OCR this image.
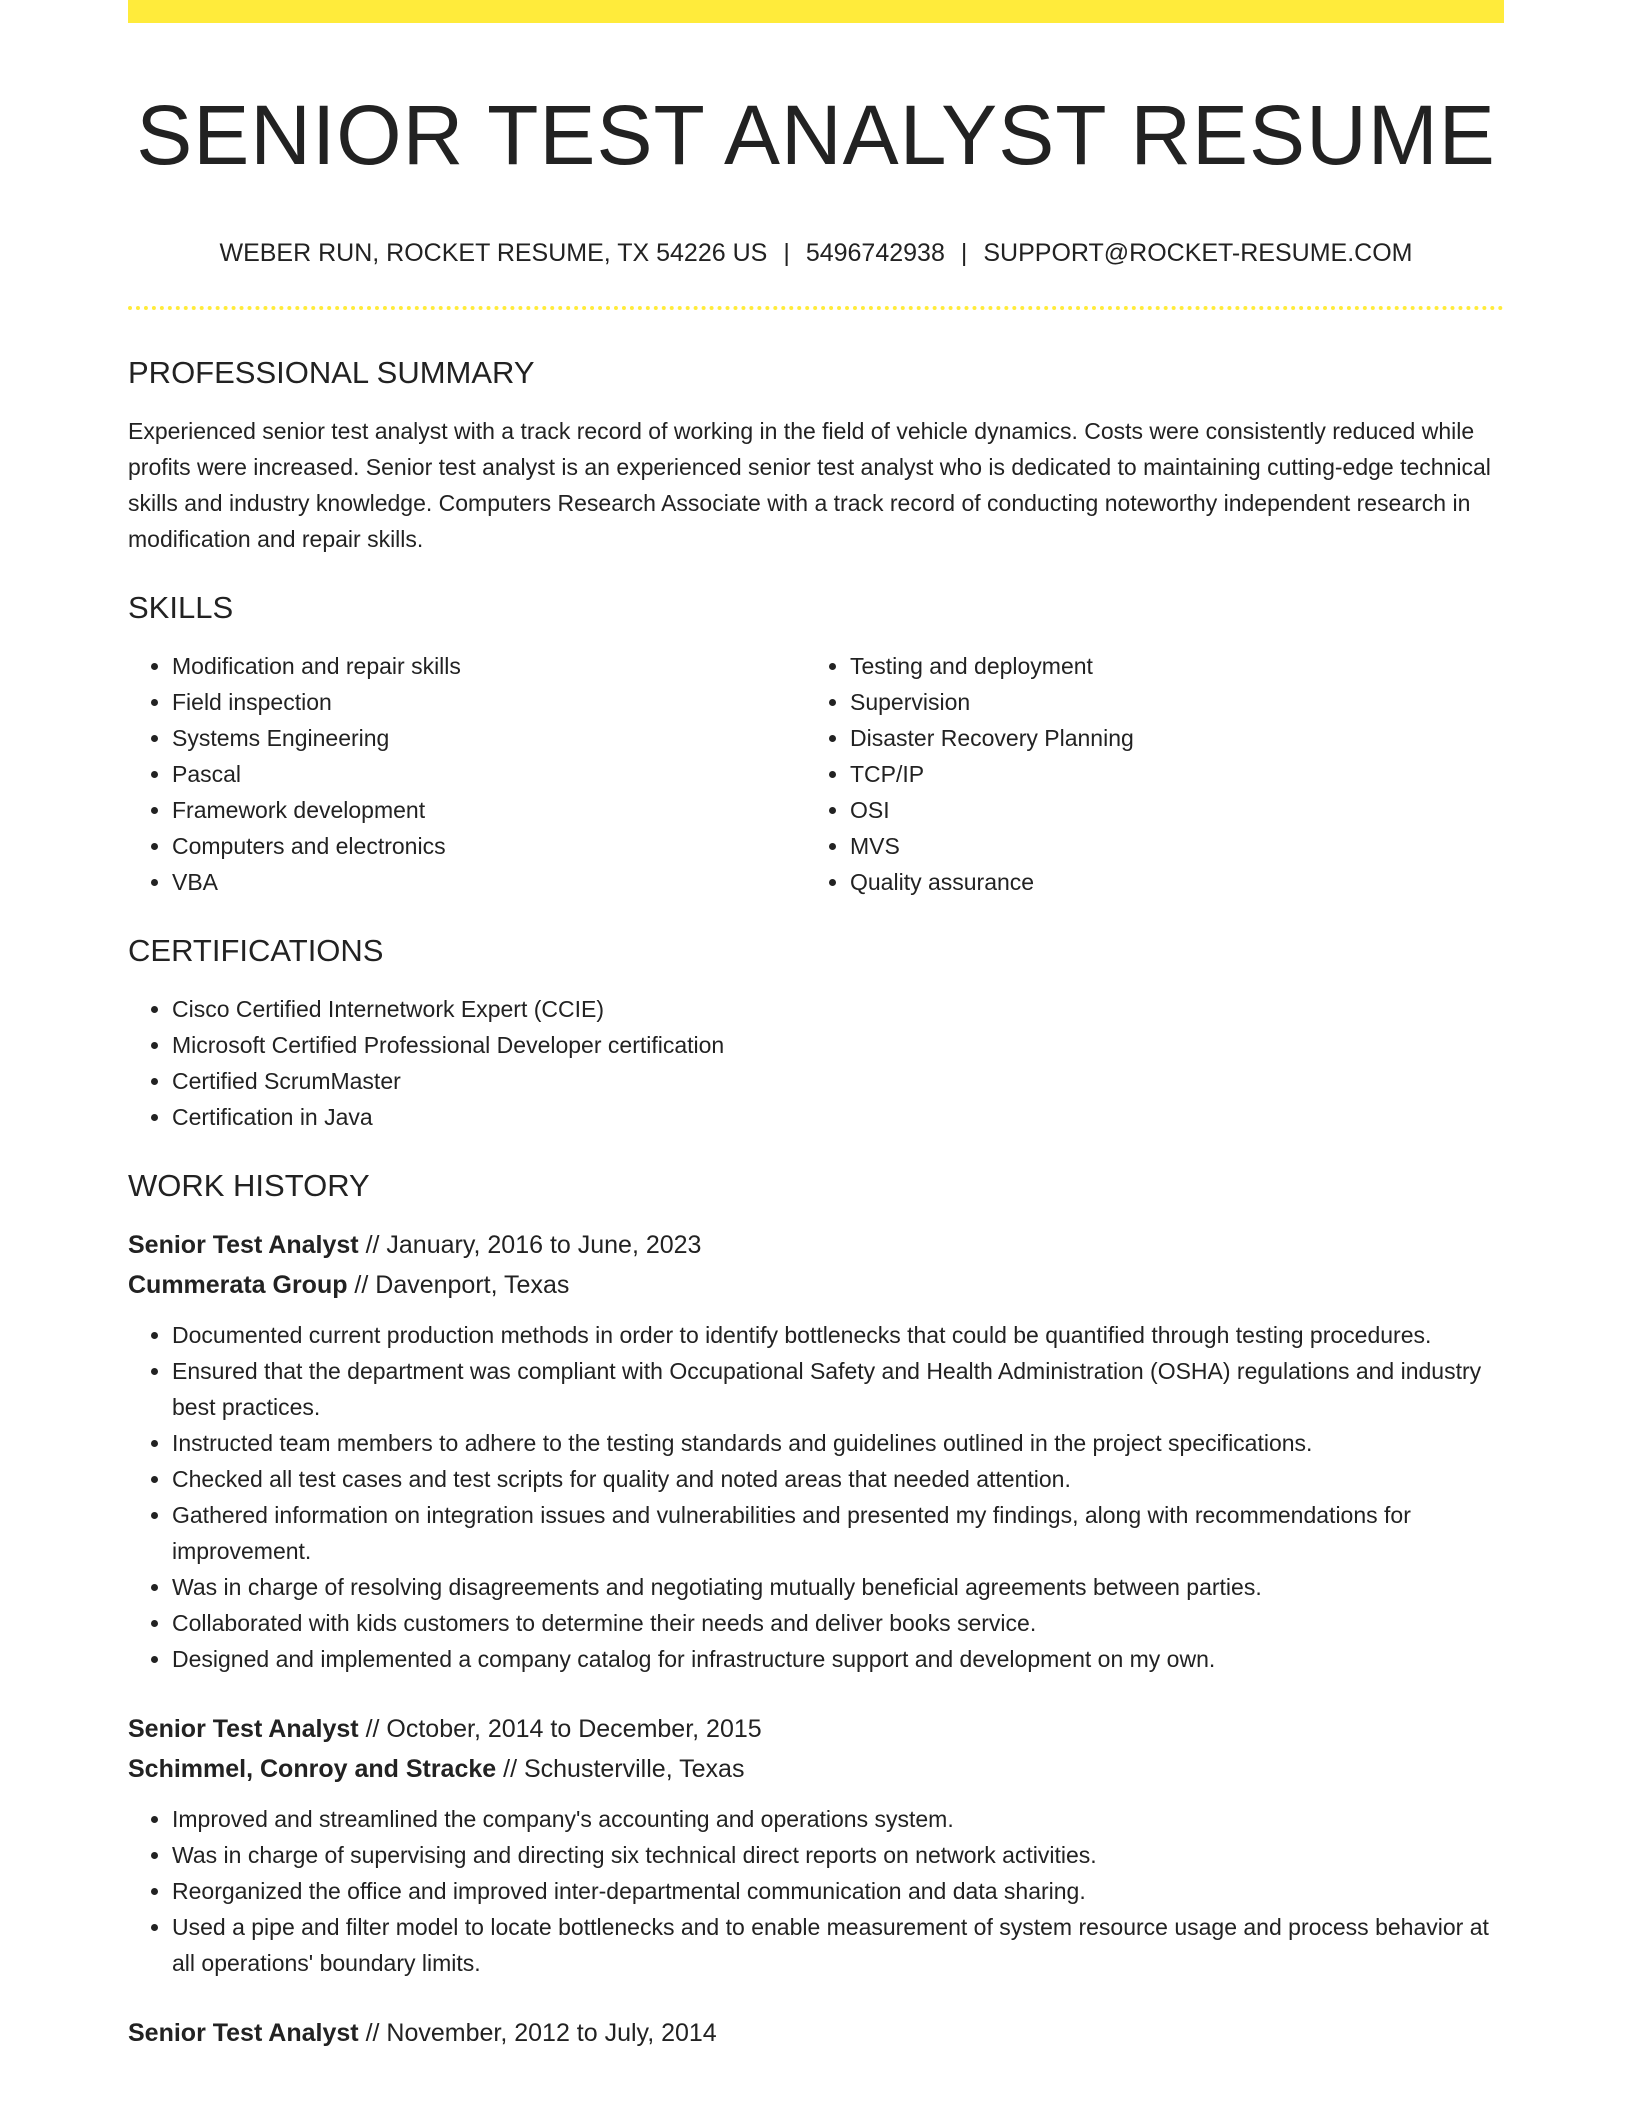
SENIOR TEST ANALYST RESUME
WEBER RUN, ROCKET RESUME, TX 54226 US | 5496742938 | SUPPORT@ROCKET-RESUME.COM
PROFESSIONAL SUMMARY

Experienced senior test analyst with a track record of working in the field of vehicle dynamics. Costs were consistently reduced while profits were increased. Senior test analyst is an experienced senior test analyst who is dedicated to maintaining cutting-edge technical skills and industry knowledge. Computers Research Associate with a track record of conducting noteworthy independent research in modification and repair skills.

SKILLS
• Modification and repair skills
• Field inspection
• Systems Engineering
• Pascal
• Framework development
• Computers and electronics
• VBA
• Testing and deployment
• Supervision
• Disaster Recovery Planning
• TCP/IP
• OSI
• MVS
• Quality assurance
CERTIFICATIONS
• Cisco Certified Internetwork Expert (CCIE)
• Microsoft Certified Professional Developer certification
• Certified ScrumMaster
• Certification in Java
WORK HISTORY
Senior Test Analyst // January, 2016 to June, 2023
Cummerata Group // Davenport, Texas
• Documented current production methods in order to identify bottlenecks that could be quantified through testing procedures.
• Ensured that the department was compliant with Occupational Safety and Health Administration (OSHA) regulations and industry best practices.
• Instructed team members to adhere to the testing standards and guidelines outlined in the project specifications.
• Checked all test cases and test scripts for quality and noted areas that needed attention.
• Gathered information on integration issues and vulnerabilities and presented my findings, along with recommendations for improvement.
• Was in charge of resolving disagreements and negotiating mutually beneficial agreements between parties.
• Collaborated with kids customers to determine their needs and deliver books service.
• Designed and implemented a company catalog for infrastructure support and development on my own.
Senior Test Analyst // October, 2014 to December, 2015
Schimmel, Conroy and Stracke // Schusterville, Texas
• Improved and streamlined the company's accounting and operations system.
• Was in charge of supervising and directing six technical direct reports on network activities.
• Reorganized the office and improved inter-departmental communication and data sharing.
• Used a pipe and filter model to locate bottlenecks and to enable measurement of system resource usage and process behavior at all operations' boundary limits.
Senior Test Analyst // November, 2012 to July, 2014
